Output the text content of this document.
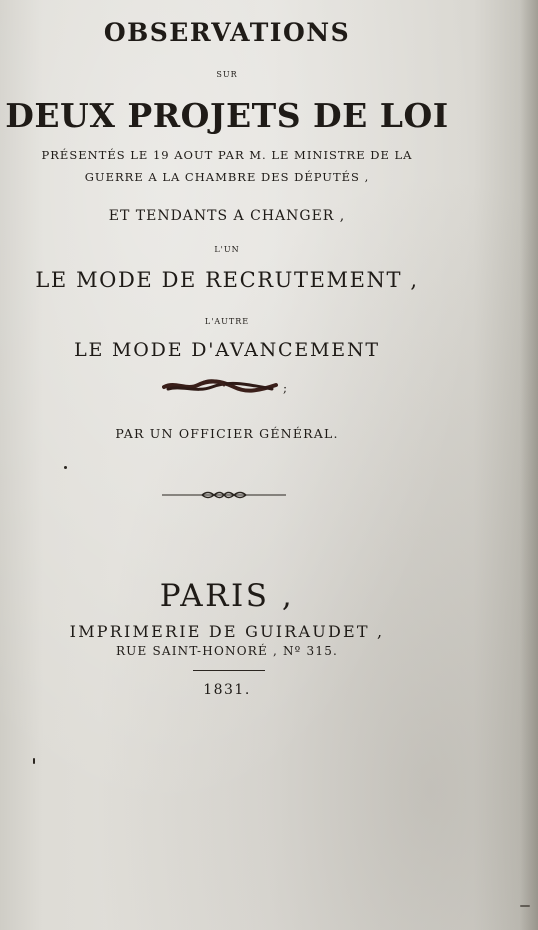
OBSERVATIONS
SUR
DEUX PROJETS DE LOI
PRÉSENTÉS LE 19 AOUT PAR M. LE MINISTRE DE LA
GUERRE A LA CHAMBRE DES DÉPUTÉS ,
ET TENDANTS A CHANGER ,
L'UN
LE MODE DE RECRUTEMENT ,
L'AUTRE
LE MODE D'AVANCEMENT
;
PAR UN OFFICIER GÉNÉRAL.
PARIS ,
IMPRIMERIE DE GUIRAUDET ,
RUE SAINT-HONORÉ , Nº 315.
1831.
